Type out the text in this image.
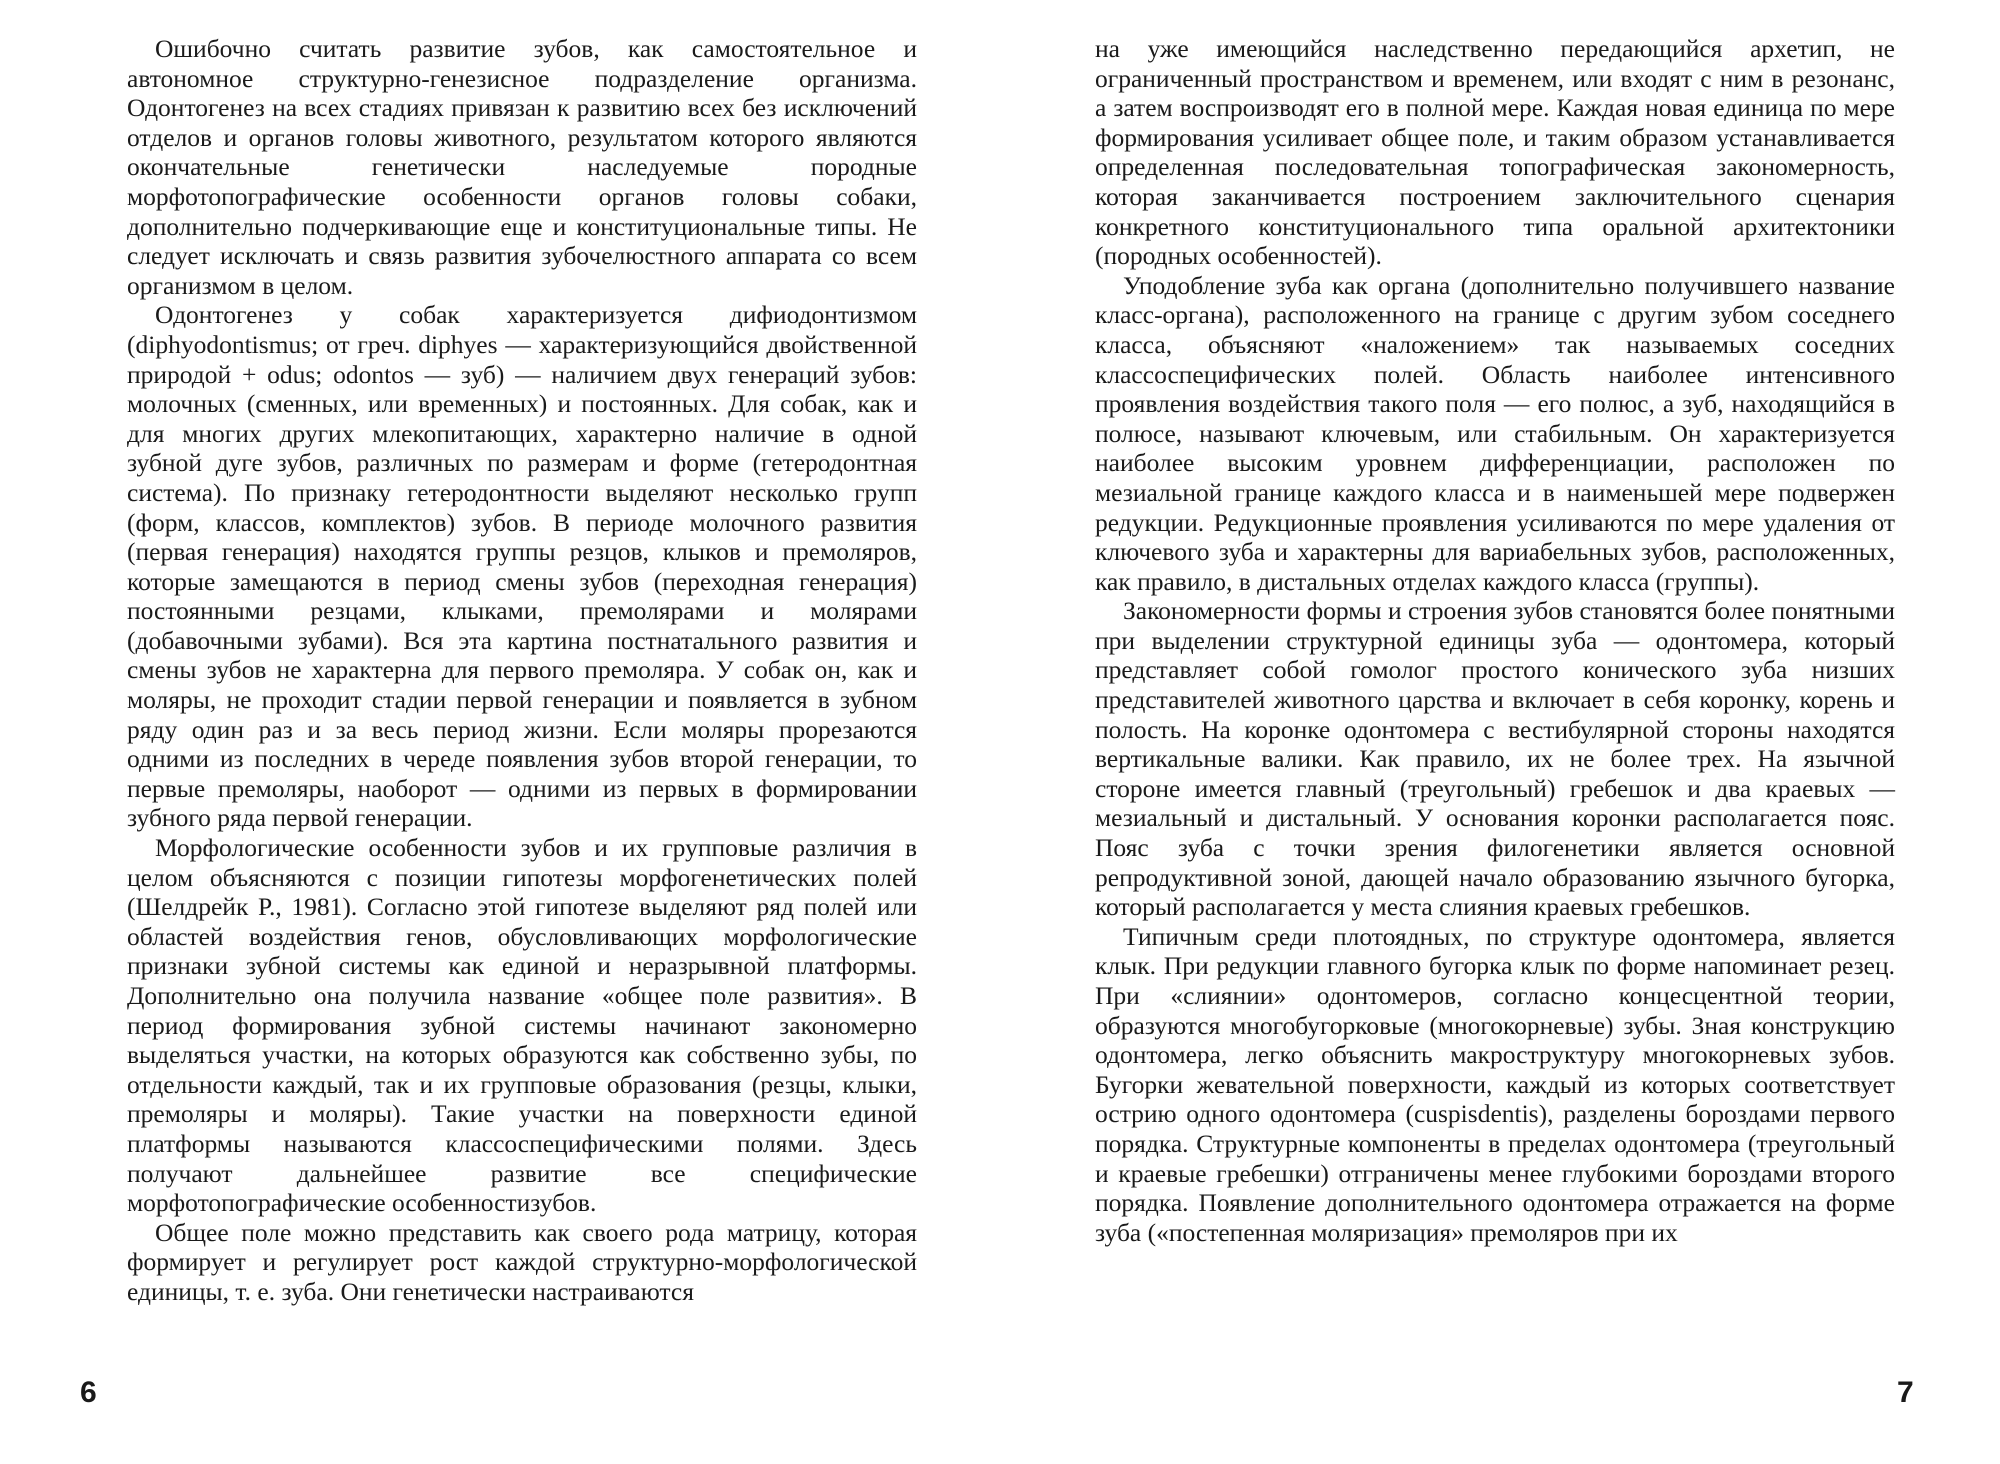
Ошибочно считать развитие зубов, как самостоятельное и автономное структурно-генезисное подразделение организма. Одонтогенез на всех стадиях привязан к развитию всех без исключений отделов и органов головы животного, результатом которого являются окончательные генетически наследуемые породные морфотопографические особенности органов головы собаки, дополнительно подчеркивающие еще и конституциональные типы. Не следует исключать и связь развития зубочелюстного аппарата со всем организмом в целом.

Одонтогенез у собак характеризуется дифиодонтизмом (diphyodontismus; от греч. diphyes — характеризующийся двойственной природой + odus; odontos — зуб) — наличием двух генераций зубов: молочных (сменных, или временных) и постоянных. Для собак, как и для многих других млекопитающих, характерно наличие в одной зубной дуге зубов, различных по размерам и форме (гетеродонтная система). По признаку гетеродонтности выделяют несколько групп (форм, классов, комплектов) зубов. В периоде молочного развития (первая генерация) находятся группы резцов, клыков и премоляров, которые замещаются в период смены зубов (переходная генерация) постоянными резцами, клыками, премолярами и молярами (добавочными зубами). Вся эта картина постнатального развития и смены зубов не характерна для первого премоляра. У собак он, как и моляры, не проходит стадии первой генерации и появляется в зубном ряду один раз и за весь период жизни. Если моляры прорезаются одними из последних в череде появления зубов второй генерации, то первые премоляры, наоборот — одними из первых в формировании зубного ряда первой генерации.

Морфологические особенности зубов и их групповые различия в целом объясняются с позиции гипотезы морфогенетических полей (Шелдрейк Р., 1981). Согласно этой гипотезе выделяют ряд полей или областей воздействия генов, обусловливающих морфологические признаки зубной системы как единой и неразрывной платформы. Дополнительно она получила название «общее поле развития». В период формирования зубной системы начинают закономерно выделяться участки, на которых образуются как собственно зубы, по отдельности каждый, так и их групповые образования (резцы, клыки, премоляры и моляры). Такие участки на поверхности единой платформы называются классоспецифическими полями. Здесь получают дальнейшее развитие все специфические морфотопографические особенностизубов.

Общее поле можно представить как своего рода матрицу, которая формирует и регулирует рост каждой структурно-морфологической единицы, т. е. зуба. Они генетически настраиваются

на уже имеющийся наследственно передающийся архетип, не ограниченный пространством и временем, или входят с ним в резонанс, а затем воспроизводят его в полной мере. Каждая новая единица по мере формирования усиливает общее поле, и таким образом устанавливается определенная последовательная топографическая закономерность, которая заканчивается построением заключительного сценария конкретного конституционального типа оральной архитектоники (породных особенностей).

Уподобление зуба как органа (дополнительно получившего название класс-органа), расположенного на границе с другим зубом соседнего класса, объясняют «наложением» так называемых соседних классоспецифических полей. Область наиболее интенсивного проявления воздействия такого поля — его полюс, а зуб, находящийся в полюсе, называют ключевым, или стабильным. Он характеризуется наиболее высоким уровнем дифференциации, расположен по мезиальной границе каждого класса и в наименьшей мере подвержен редукции. Редукционные проявления усиливаются по мере удаления от ключевого зуба и характерны для вариабельных зубов, расположенных, как правило, в дистальных отделах каждого класса (группы).

Закономерности формы и строения зубов становятся более понятными при выделении структурной единицы зуба — одонтомера, который представляет собой гомолог простого конического зуба низших представителей животного царства и включает в себя коронку, корень и полость. На коронке одонтомера с вестибулярной стороны находятся вертикальные валики. Как правило, их не более трех. На язычной стороне имеется главный (треугольный) гребешок и два краевых — мезиальный и дистальный. У основания коронки располагается пояс. Пояс зуба с точки зрения филогенетики является основной репродуктивной зоной, дающей начало образованию язычного бугорка, который располагается у места слияния краевых гребешков.

Типичным среди плотоядных, по структуре одонтомера, является клык. При редукции главного бугорка клык по форме напоминает резец. При «слиянии» одонтомеров, согласно концесцентной теории, образуются многобугорковые (многокорневые) зубы. Зная конструкцию одонтомера, легко объяснить макроструктуру многокорневых зубов. Бугорки жевательной поверхности, каждый из которых соответствует острию одного одонтомера (cuspisdentis), разделены бороздами первого порядка. Структурные компоненты в пределах одонтомера (треугольный и краевые гребешки) отграничены менее глубокими бороздами второго порядка. Появление дополнительного одонтомера отражается на форме зуба («постепенная моляризация» премоляров при их

6	7
